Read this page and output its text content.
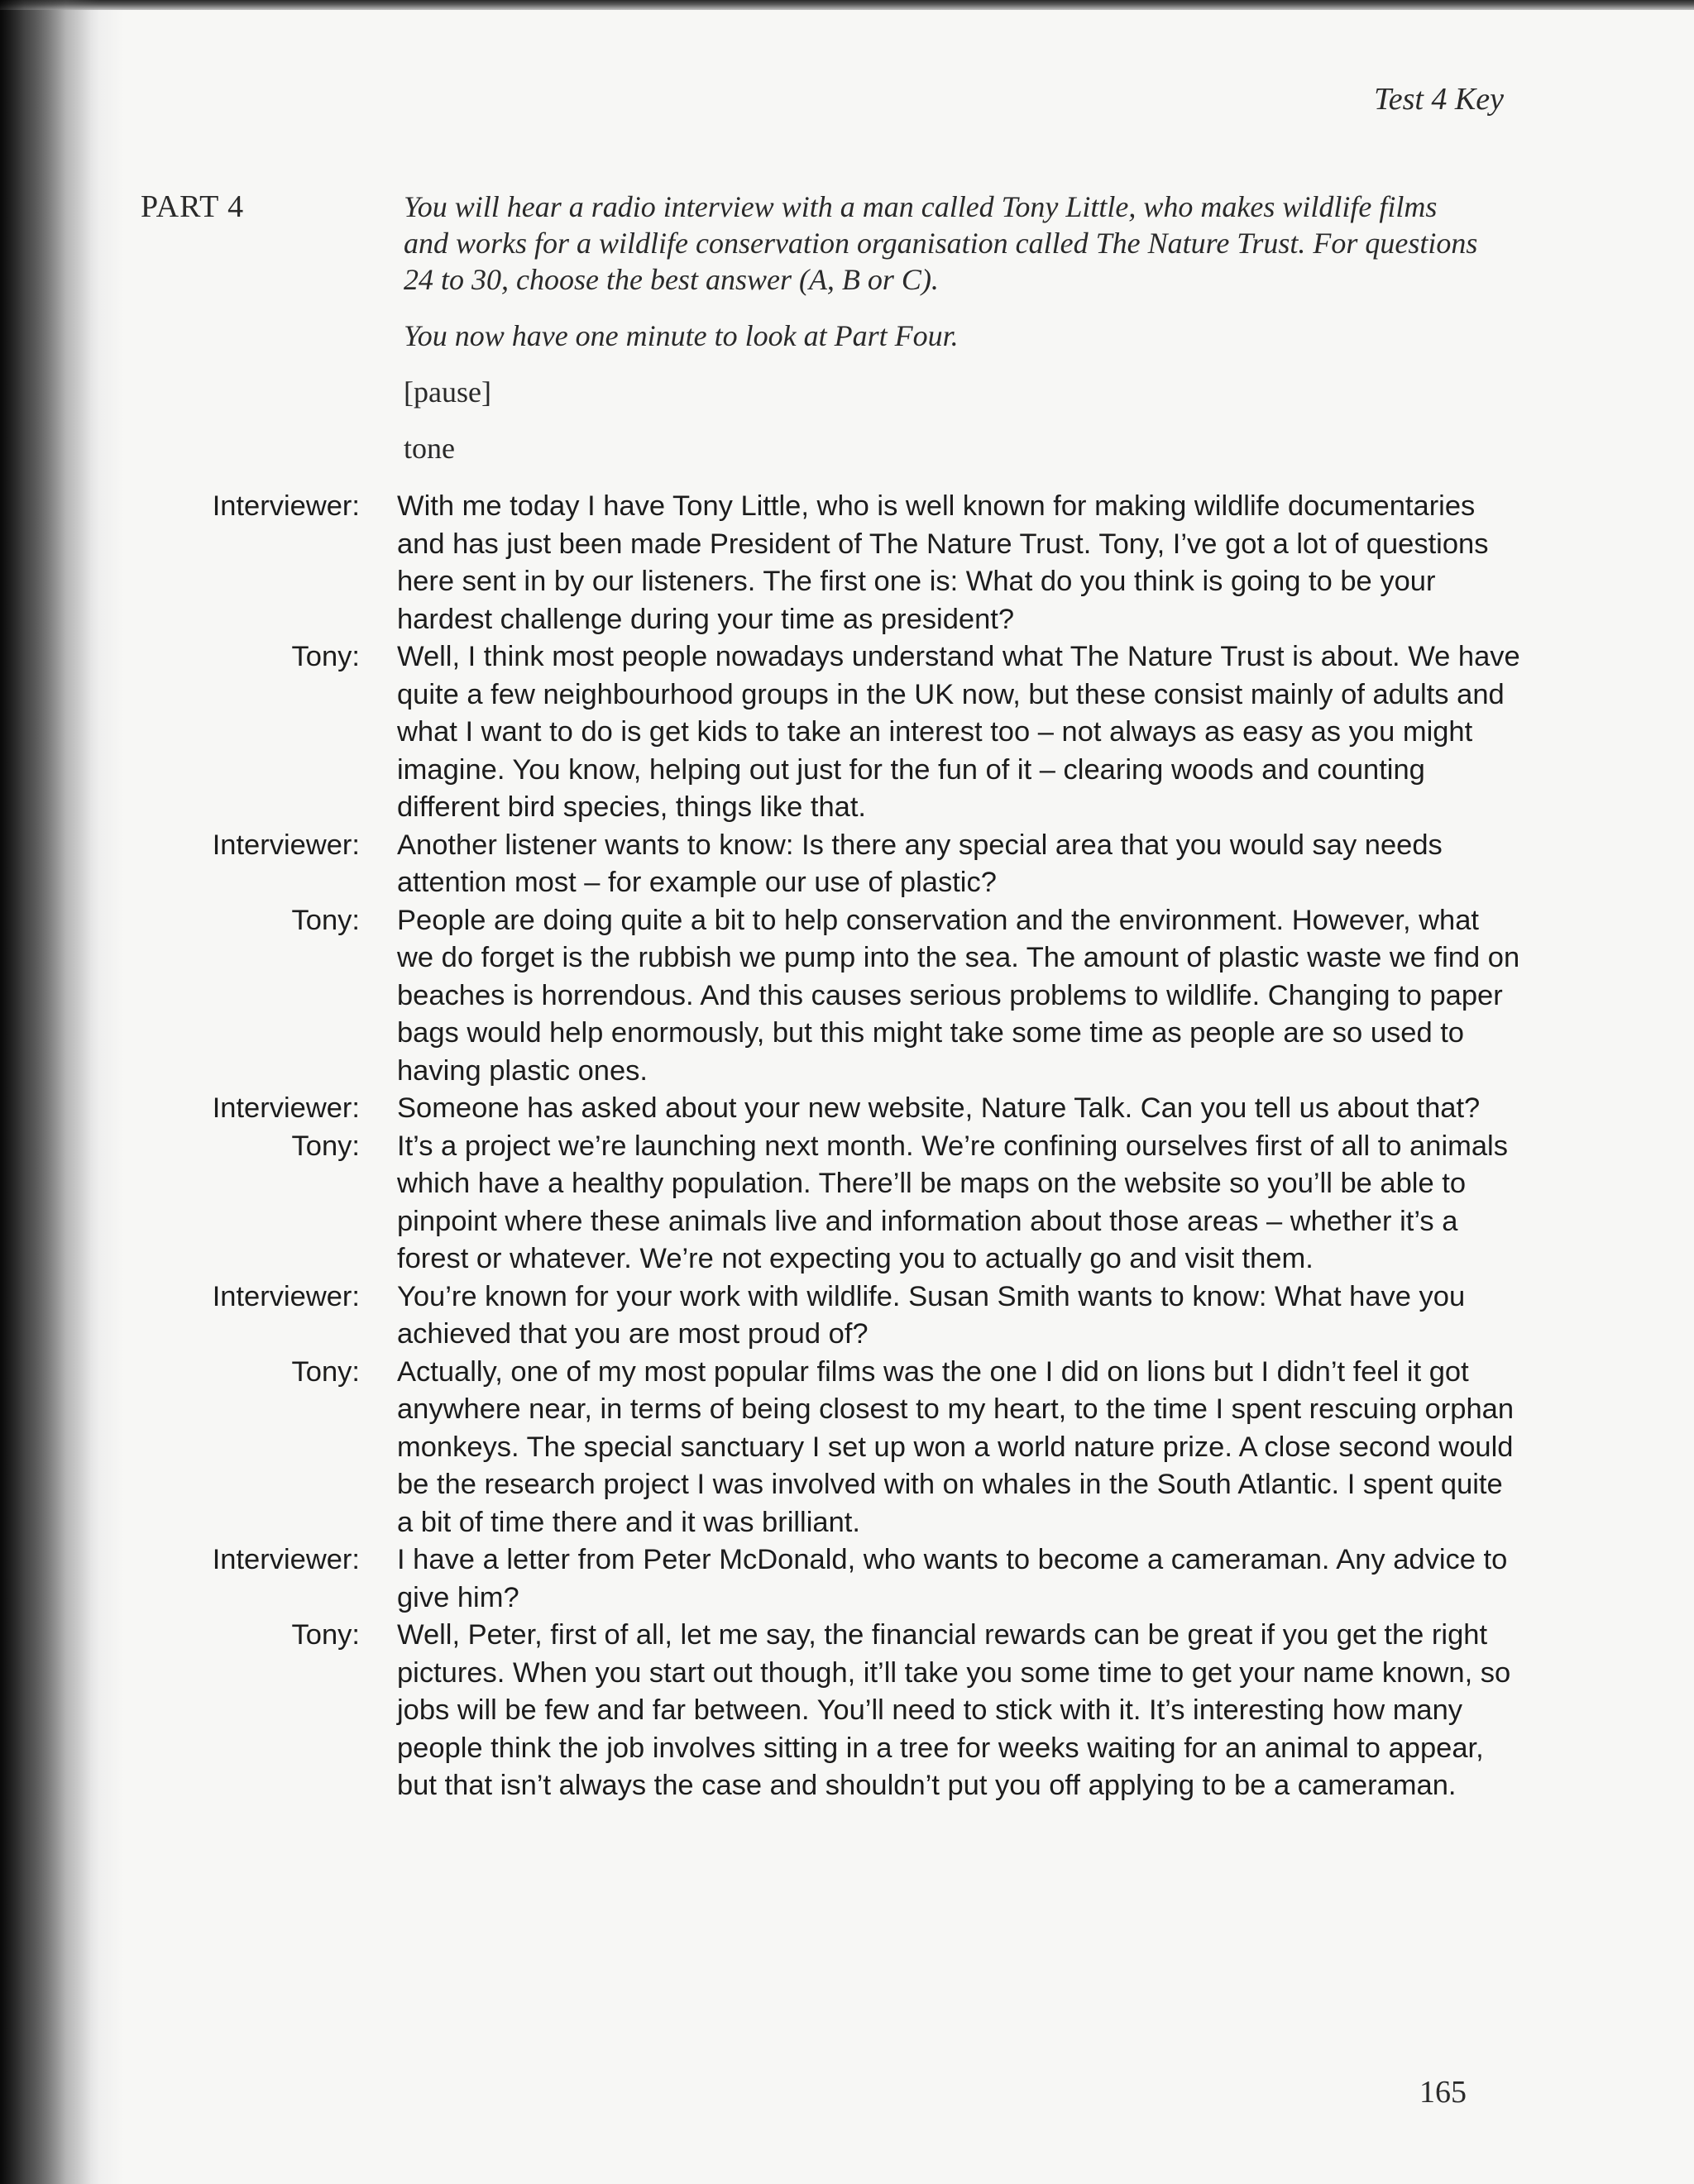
Test 4 Key
PART 4	You will hear a radio interview with a man called Tony Little, who makes wildlife films and works for a wildlife conservation organisation called The Nature Trust. For questions 24 to 30, choose the best answer (A, B or C).

You now have one minute to look at Part Four.

[pause]

tone

Interviewer:	With me today I have Tony Little, who is well known for making wildlife documentaries and has just been made President of The Nature Trust. Tony, I’ve got a lot of questions here sent in by our listeners. The first one is: What do you think is going to be your hardest challenge during your time as president?
Tony:	Well, I think most people nowadays understand what The Nature Trust is about. We have quite a few neighbourhood groups in the UK now, but these consist mainly of adults and what I want to do is get kids to take an interest too – not always as easy as you might imagine. You know, helping out just for the fun of it – clearing woods and counting different bird species, things like that.
Interviewer:	Another listener wants to know: Is there any special area that you would say needs attention most – for example our use of plastic?
Tony:	People are doing quite a bit to help conservation and the environment. However, what we do forget is the rubbish we pump into the sea. The amount of plastic waste we find on beaches is horrendous. And this causes serious problems to wildlife. Changing to paper bags would help enormously, but this might take some time as people are so used to having plastic ones.
Interviewer:	Someone has asked about your new website, Nature Talk. Can you tell us about that?
Tony:	It’s a project we’re launching next month. We’re confining ourselves first of all to animals which have a healthy population. There’ll be maps on the website so you’ll be able to pinpoint where these animals live and information about those areas – whether it’s a forest or whatever. We’re not expecting you to actually go and visit them.
Interviewer:	You’re known for your work with wildlife. Susan Smith wants to know: What have you achieved that you are most proud of?
Tony:	Actually, one of my most popular films was the one I did on lions but I didn’t feel it got anywhere near, in terms of being closest to my heart, to the time I spent rescuing orphan monkeys. The special sanctuary I set up won a world nature prize. A close second would be the research project I was involved with on whales in the South Atlantic. I spent quite a bit of time there and it was brilliant.
Interviewer:	I have a letter from Peter McDonald, who wants to become a cameraman. Any advice to give him?
Tony:	Well, Peter, first of all, let me say, the financial rewards can be great if you get the right pictures. When you start out though, it’ll take you some time to get your name known, so jobs will be few and far between. You’ll need to stick with it. It’s interesting how many people think the job involves sitting in a tree for weeks waiting for an animal to appear, but that isn’t always the case and shouldn’t put you off applying to be a cameraman.
165
